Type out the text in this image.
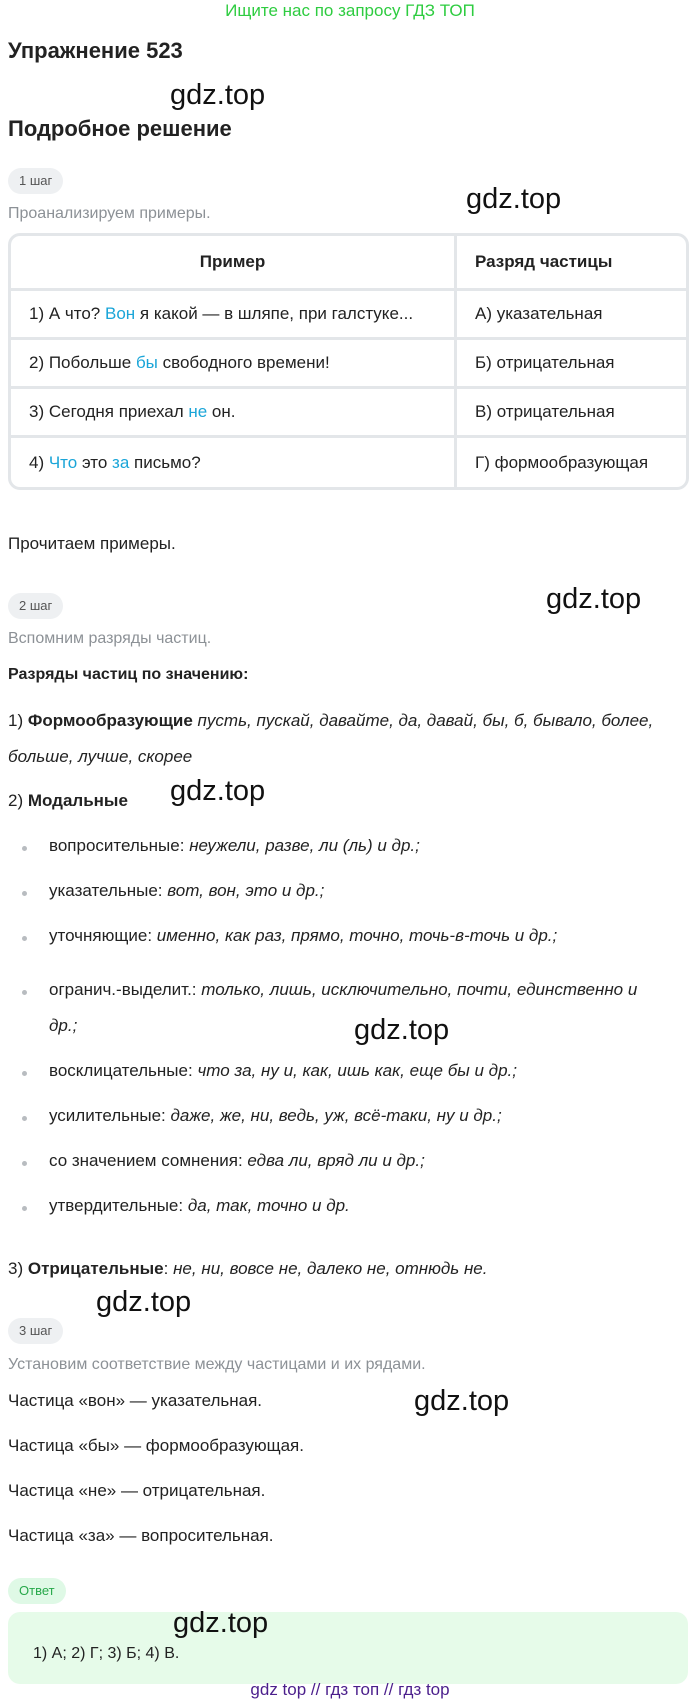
Ищите нас по запросу ГДЗ ТОП
Упражнение 523
Подробное решение
gdz.top
gdz.top
gdz.top
gdz.top
gdz.top
gdz.top
gdz.top
gdz.top
1 шаг
Проанализируем примеры.
Пример	Разряд частицы
1) А что? Вон я какой — в шляпе, при галстуке...	А) указательная
2) Побольше бы свободного времени!	Б) отрицательная
3) Сегодня приехал не он.	В) отрицательная
4) Что это за письмо?	Г) формообразующая
Прочитаем примеры.
2 шаг
Вспомним разряды частиц.
Разряды частиц по значению:
1) Формообразующие пусть, пускай, давайте, да, давай, бы, б, бывало, более,
больше, лучше, скорее
2) Модальные
вопросительные: неужели, разве, ли (ль) и др.;
указательные: вот, вон, это и др.;
уточняющие: именно, как раз, прямо, точно, точь-в-точь и др.;
огранич.-выделит.: только, лишь, исключительно, почти, единственно и
др.;
восклицательные: что за, ну и, как, ишь как, еще бы и др.;
усилительные: даже, же, ни, ведь, уж, всё-таки, ну и др.;
со значением сомнения: едва ли, вряд ли и др.;
утвердительные: да, так, точно и др.
3) Отрицательные: не, ни, вовсе не, далеко не, отнюдь не.
3 шаг
Установим соответствие между частицами и их рядами.
Частица «вон» — указательная.
Частица «бы» — формообразующая.
Частица «не» — отрицательная.
Частица «за» — вопросительная.
Ответ
1) А; 2) Г; 3) Б; 4) В.
gdz top // гдз топ // гдз top
